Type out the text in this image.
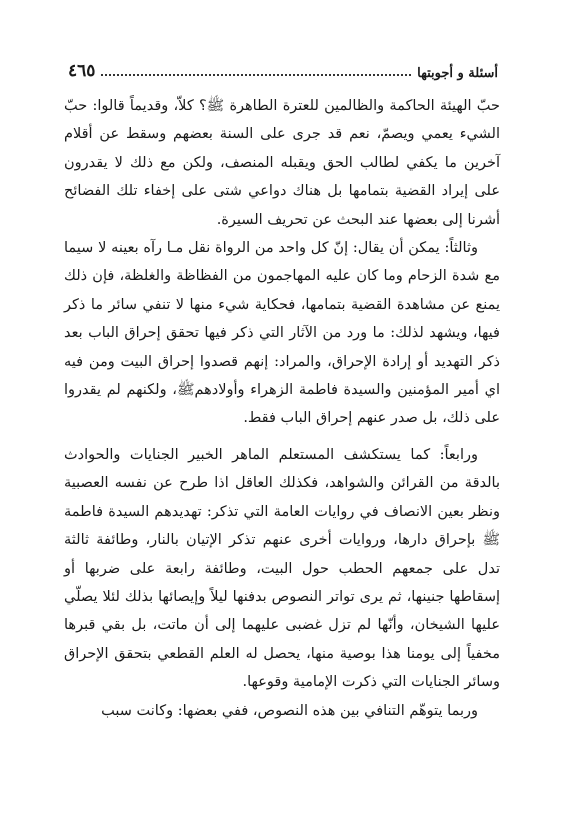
أسئلة و أجوبتها
٤٦٥

حبّ الهيئة الحاكمة والظالمين للعترة الطاهرة ﷺ؟ كلاّ، وقديماً قالوا: حبّ الشيء يعمي ويصمّ، نعم قد جرى على السنة بعضهم وسقط عن أقلام آخرين ما يكفي لطالب الحق ويقبله المنصف، ولكن مع ذلك لا يقدرون على إيراد القضية بتمامها بل هناك دواعي شتى على إخفاء تلك الفضائح أشرنا إلى بعضها عند البحث عن تحريف السيرة.

وثالثاً: يمكن أن يقال: إنّ كل واحد من الرواة نقل مـا رآه بعينه لا سيما مع شدة الزحام وما كان عليه المهاجمون من الفظاظة والغلظة، فإن ذلك يمنع عن مشاهدة القضية بتمامها، فحكاية شيء منها لا تنفي سائر ما ذكر فيها، ويشهد لذلك: ما ورد من الآثار التي ذكر فيها تحقق إحراق الباب بعد ذكر التهديد أو إرادة الإحراق، والمراد: إنهم قصدوا إحراق البيت ومن فيه اي أمير المؤمنين والسيدة فاطمة الزهراء وأولادهمﷺ، ولكنهم لم يقدروا على ذلك، بل صدر عنهم إحراق الباب فقط.

ورابعاً: كما يستكشف المستعلم الماهر الخبير الجنايات والحوادث بالدقة من القرائن والشواهد، فكذلك العاقل اذا طرح عن نفسه العصبية ونظر بعين الانصاف في روايات العامة التي تذكر: تهديدهم السيدة فاطمة ﷺ بإحراق دارها، وروايات أخرى عنهم تذكر الإتيان بالنار، وطائفة ثالثة تدل على جمعهم الحطب حول البيت، وطائفة رابعة على ضربها أو إسقاطها جنينها، ثم يرى تواتر النصوص بدفنها ليلاً وإيصائها بذلك لئلا يصلّي عليها الشيخان، وأنّها لم تزل غضبى عليهما إلى أن ماتت، بل بقي قبرها مخفياً إلى يومنا هذا بوصية منها، يحصل له العلم القطعي بتحقق الإحراق وسائر الجنايات التي ذكرت الإمامية وقوعها.

وربما يتوهّم التنافي بين هذه النصوص، ففي بعضها: وكانت سبب
